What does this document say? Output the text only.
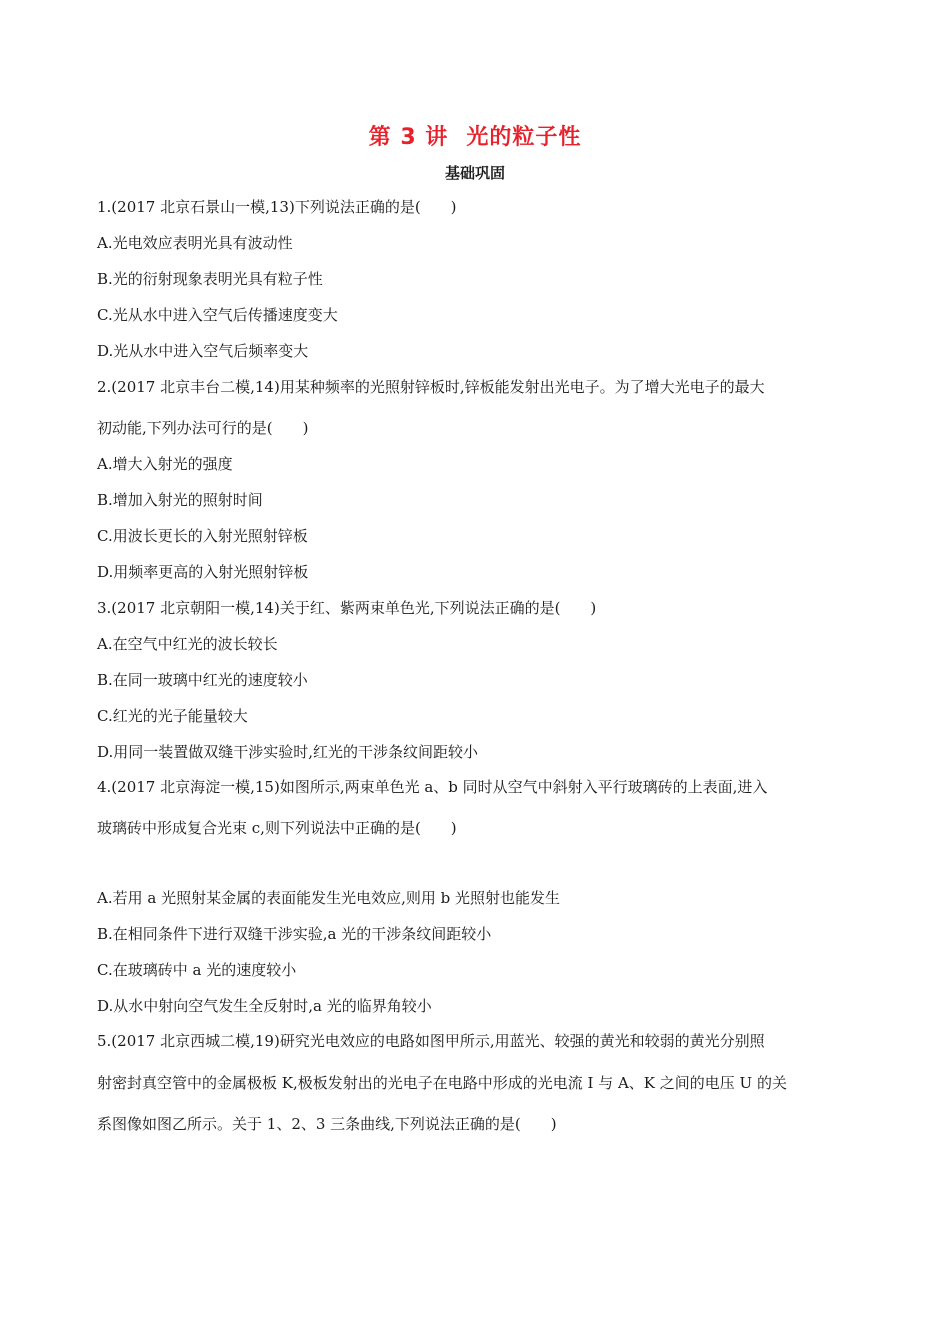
第 3 讲 光的粒子性
基础巩固
1.(2017 北京石景山一模,13)下列说法正确的是(　　)
A.光电效应表明光具有波动性
B.光的衍射现象表明光具有粒子性
C.光从水中进入空气后传播速度变大
D.光从水中进入空气后频率变大
2.(2017 北京丰台二模,14)用某种频率的光照射锌板时,锌板能发射出光电子。为了增大光电子的最大
初动能,下列办法可行的是(　　)
A.增大入射光的强度
B.增加入射光的照射时间
C.用波长更长的入射光照射锌板
D.用频率更高的入射光照射锌板
3.(2017 北京朝阳一模,14)关于红、紫两束单色光,下列说法正确的是(　　)
A.在空气中红光的波长较长
B.在同一玻璃中红光的速度较小
C.红光的光子能量较大
D.用同一装置做双缝干涉实验时,红光的干涉条纹间距较小
4.(2017 北京海淀一模,15)如图所示,两束单色光 a、b 同时从空气中斜射入平行玻璃砖的上表面,进入
玻璃砖中形成复合光束 c,则下列说法中正确的是(　　)
A.若用 a 光照射某金属的表面能发生光电效应,则用 b 光照射也能发生
B.在相同条件下进行双缝干涉实验,a 光的干涉条纹间距较小
C.在玻璃砖中 a 光的速度较小
D.从水中射向空气发生全反射时,a 光的临界角较小
5.(2017 北京西城二模,19)研究光电效应的电路如图甲所示,用蓝光、较强的黄光和较弱的黄光分别照
射密封真空管中的金属极板 K,极板发射出的光电子在电路中形成的光电流 I 与 A、K 之间的电压 U 的关
系图像如图乙所示。关于 1、2、3 三条曲线,下列说法正确的是(　　)
